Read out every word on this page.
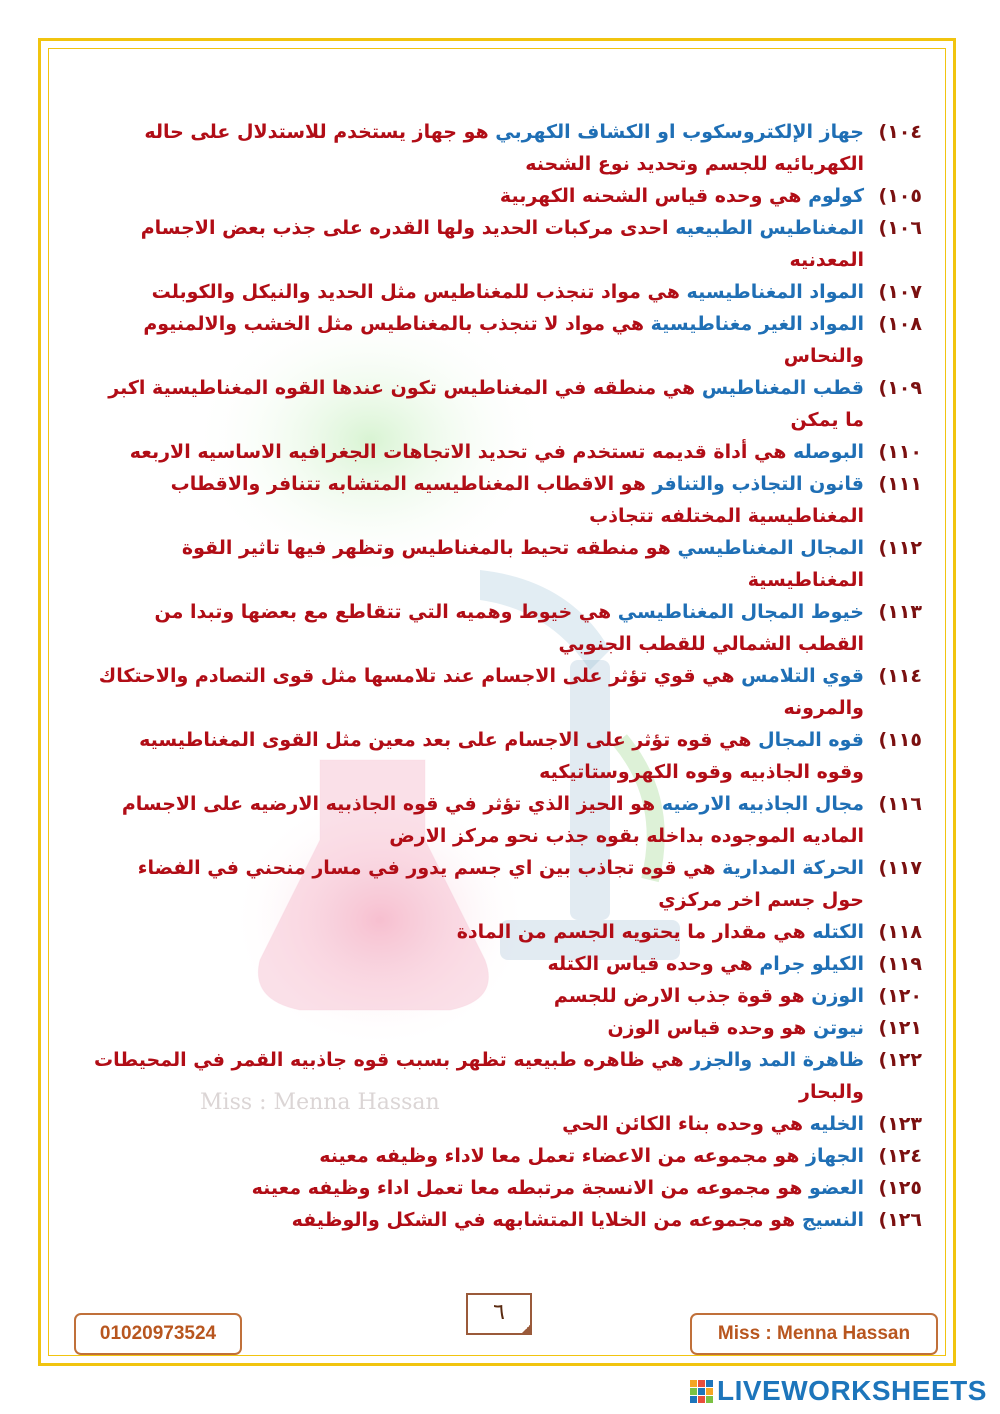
Miss : Menna Hassan
١٠٤)
جهاز الإلكتروسكوب او الكشاف الكهربي هو جهاز يستخدم للاستدلال على حاله الكهربائيه للجسم وتحديد نوع الشحنه
١٠٥)
كولوم هي وحده قياس الشحنه الكهربية
١٠٦)
المغناطيس الطبيعيه احدى مركبات الحديد ولها القدره على جذب بعض الاجسام المعدنيه
١٠٧)
المواد المغناطيسيه هي مواد تنجذب للمغناطيس مثل الحديد والنيكل والكوبلت
١٠٨)
المواد الغير مغناطيسية هي مواد لا تنجذب بالمغناطيس مثل الخشب والالمنيوم والنحاس
١٠٩)
قطب المغناطيس هي منطقه في المغناطيس تكون عندها القوه المغناطيسية اكبر ما يمكن
١١٠)
البوصله هي أداة قديمه تستخدم في تحديد الاتجاهات الجغرافيه الاساسيه الاربعه
١١١)
قانون التجاذب والتنافر هو الاقطاب المغناطيسيه المتشابه تتنافر والاقطاب المغناطيسية المختلفه تتجاذب
١١٢)
المجال المغناطيسي هو منطقه تحيط بالمغناطيس وتظهر فيها تاثير القوة المغناطيسية
١١٣)
خيوط المجال المغناطيسي هي خيوط وهميه التي تتقاطع مع بعضها وتبدا من القطب الشمالي للقطب الجنوبي
١١٤)
قوي التلامس هي قوي تؤثر على الاجسام عند تلامسها مثل قوى التصادم والاحتكاك والمرونه
١١٥)
قوه المجال هي قوه تؤثر على الاجسام على بعد معين مثل القوى المغناطيسيه وقوه الجاذبيه وقوه الكهروستاتيكيه
١١٦)
مجال الجاذبيه الارضيه هو الحيز الذي تؤثر في قوه الجاذبيه الارضيه على الاجسام الماديه الموجوده بداخله بقوه جذب نحو مركز الارض
١١٧)
الحركة المدارية هي قوه تجاذب بين اي جسم يدور في مسار منحني في الفضاء حول جسم اخر مركزي
١١٨)
الكتله هي مقدار ما يحتويه الجسم من المادة
١١٩)
الكيلو جرام هي وحده قياس الكتله
١٢٠)
الوزن هو قوة جذب الارض للجسم
١٢١)
نيوتن هو وحده قياس الوزن
١٢٢)
ظاهرة المد والجزر هي ظاهره طبيعيه تظهر بسبب قوه جاذبيه القمر في المحيطات والبحار
١٢٣)
الخليه هي وحده بناء الكائن الحي
١٢٤)
الجهاز هو مجموعه من الاعضاء تعمل معا لاداء وظيفه معينه
١٢٥)
العضو هو مجموعه من الانسجة مرتبطه معا تعمل اداء وظيفه معينه
١٢٦)
النسيج هو مجموعه من الخلايا المتشابهه في الشكل والوظيفه
٦
01020973524	Miss : Menna Hassan
LIVEWORKSHEETS
